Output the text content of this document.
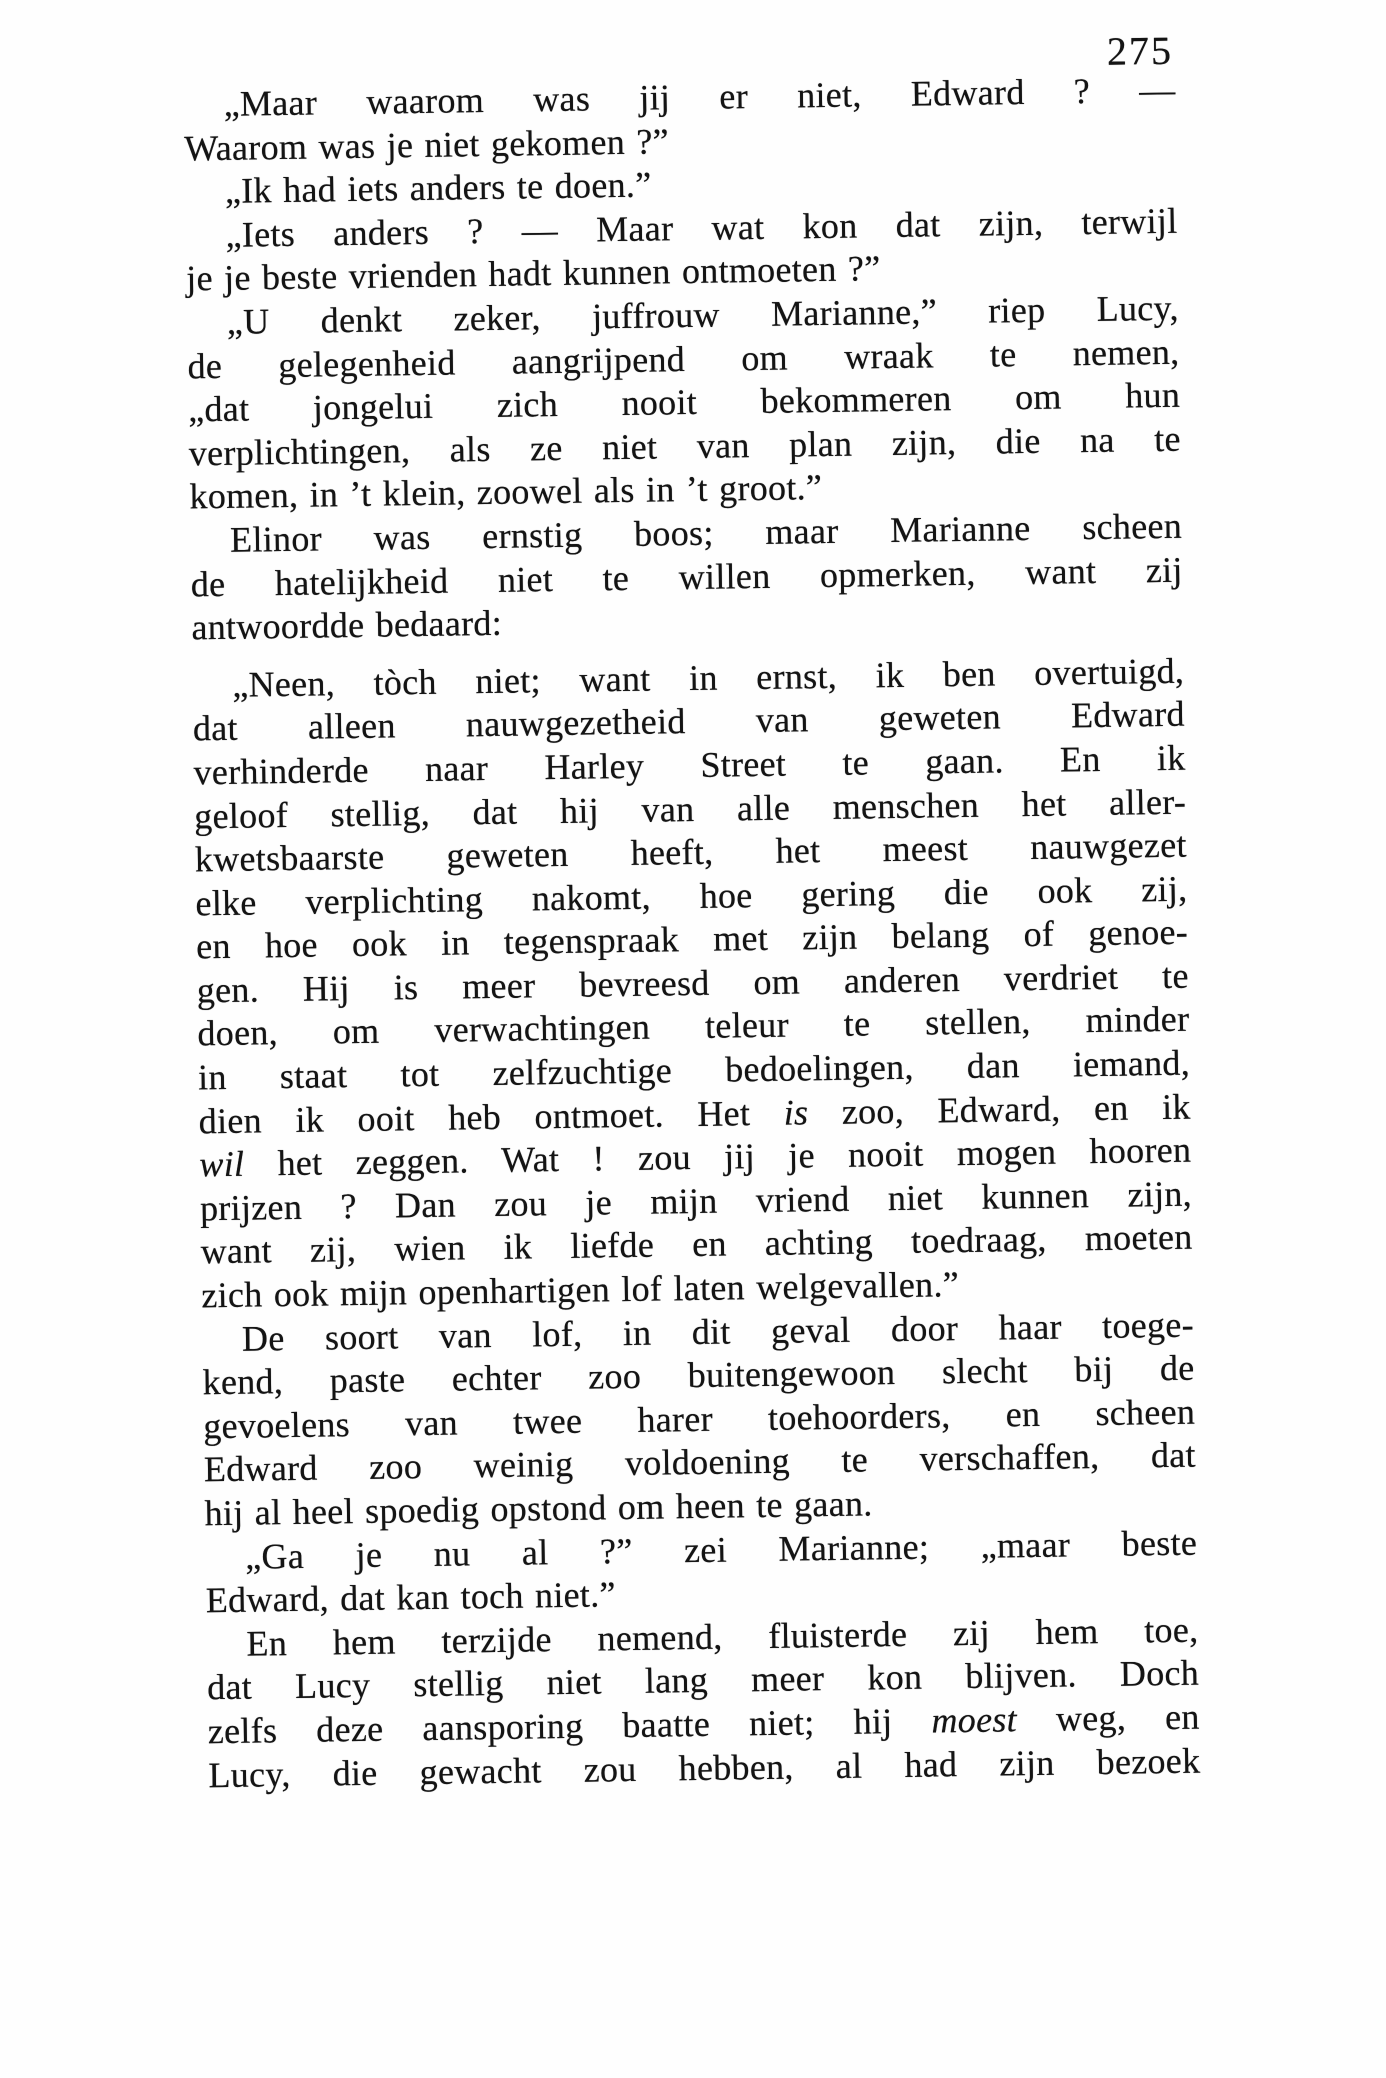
275
„Maar waarom was jij er niet, Edward ? —
Waarom was je niet gekomen ?”
„Ik had iets anders te doen.”
„Iets anders ? — Maar wat kon dat zijn, terwijl
je je beste vrienden hadt kunnen ontmoeten ?”
„U denkt zeker, juffrouw Marianne,” riep Lucy,
de gelegenheid aangrijpend om wraak te nemen,
„dat jongelui zich nooit bekommeren om hun
verplichtingen, als ze niet van plan zijn, die na te
komen, in ’t klein, zoowel als in ’t groot.”
Elinor was ernstig boos; maar Marianne scheen
de hatelijkheid niet te willen opmerken, want zij
antwoordde bedaard:
„Neen, tòch niet; want in ernst, ik ben overtuigd,
dat alleen nauwgezetheid van geweten Edward
verhinderde naar Harley Street te gaan. En ik
geloof stellig, dat hij van alle menschen het aller-
kwetsbaarste geweten heeft, het meest nauwgezet
elke verplichting nakomt, hoe gering die ook zij,
en hoe ook in tegenspraak met zijn belang of genoe-
gen. Hij is meer bevreesd om anderen verdriet te
doen, om verwachtingen teleur te stellen, minder
in staat tot zelfzuchtige bedoelingen, dan iemand,
dien ik ooit heb ontmoet. Het is zoo, Edward, en ik
wil het zeggen. Wat ! zou jij je nooit mogen hooren
prijzen ? Dan zou je mijn vriend niet kunnen zijn,
want zij, wien ik liefde en achting toedraag, moeten
zich ook mijn openhartigen lof laten welgevallen.”
De soort van lof, in dit geval door haar toege-
kend, paste echter zoo buitengewoon slecht bij de
gevoelens van twee harer toehoorders, en scheen
Edward zoo weinig voldoening te verschaffen, dat
hij al heel spoedig opstond om heen te gaan.
„Ga je nu al ?” zei Marianne; „maar beste
Edward, dat kan toch niet.”
En hem terzijde nemend, fluisterde zij hem toe,
dat Lucy stellig niet lang meer kon blijven. Doch
zelfs deze aansporing baatte niet; hij moest weg, en
Lucy, die gewacht zou hebben, al had zijn bezoek
